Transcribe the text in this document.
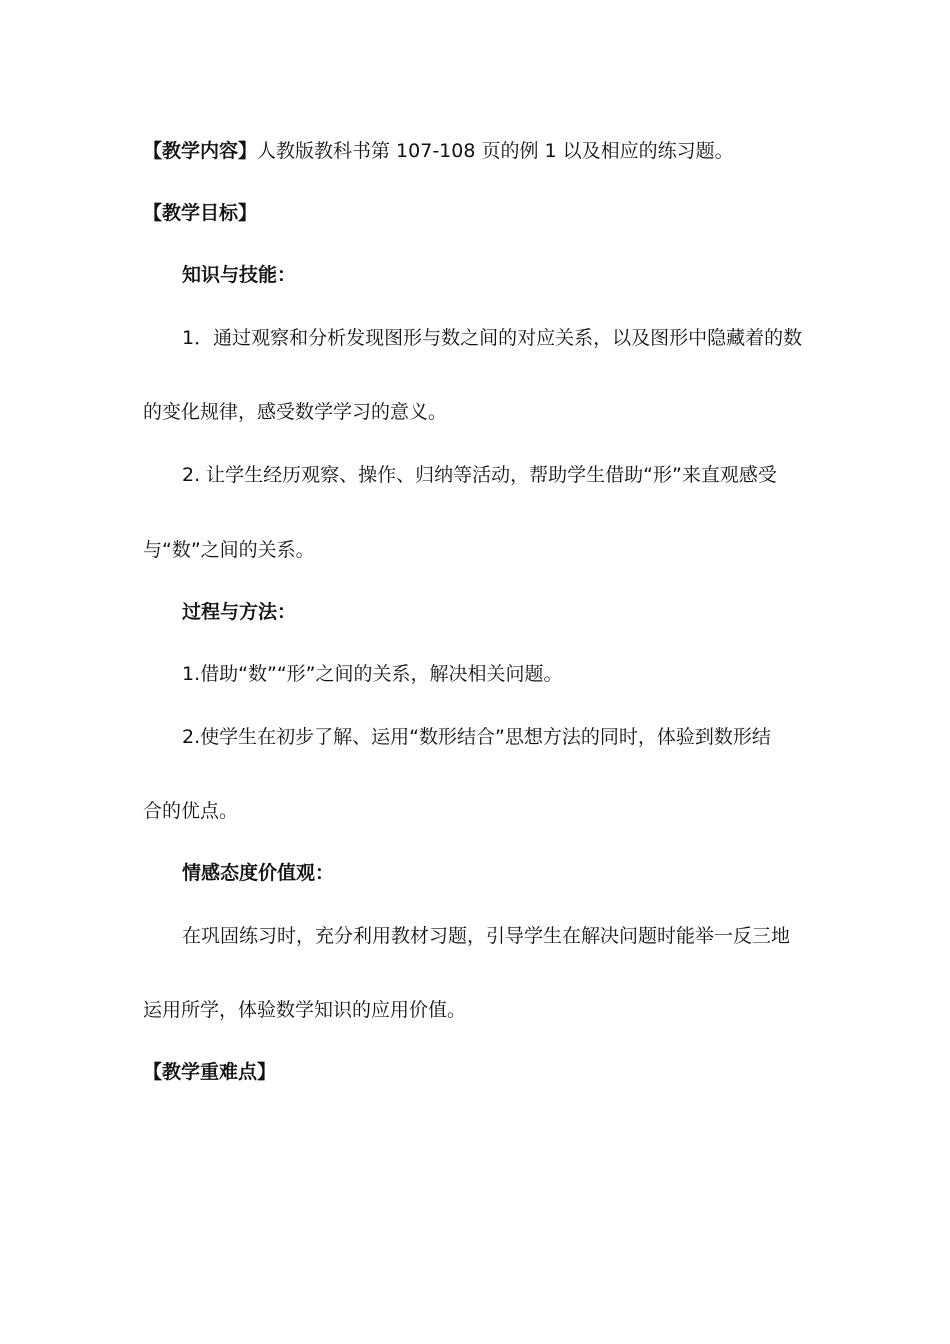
【教学内容】人教版教科书第 107-108 页的例 1 以及相应的练习题。
【教学目标】
知识与技能：
1．通过观察和分析发现图形与数之间的对应关系，以及图形中隐藏着的数
的变化规律，感受数学学习的意义。
2. 让学生经历观察、操作、归纳等活动，帮助学生借助“形”来直观感受
与“数”之间的关系。
过程与方法：
1.借助“数”“形”之间的关系，解决相关问题。
2.使学生在初步了解、运用“数形结合”思想方法的同时，体验到数形结
合的优点。
情感态度价值观：
在巩固练习时，充分利用教材习题，引导学生在解决问题时能举一反三地
运用所学，体验数学知识的应用价值。
【教学重难点】
